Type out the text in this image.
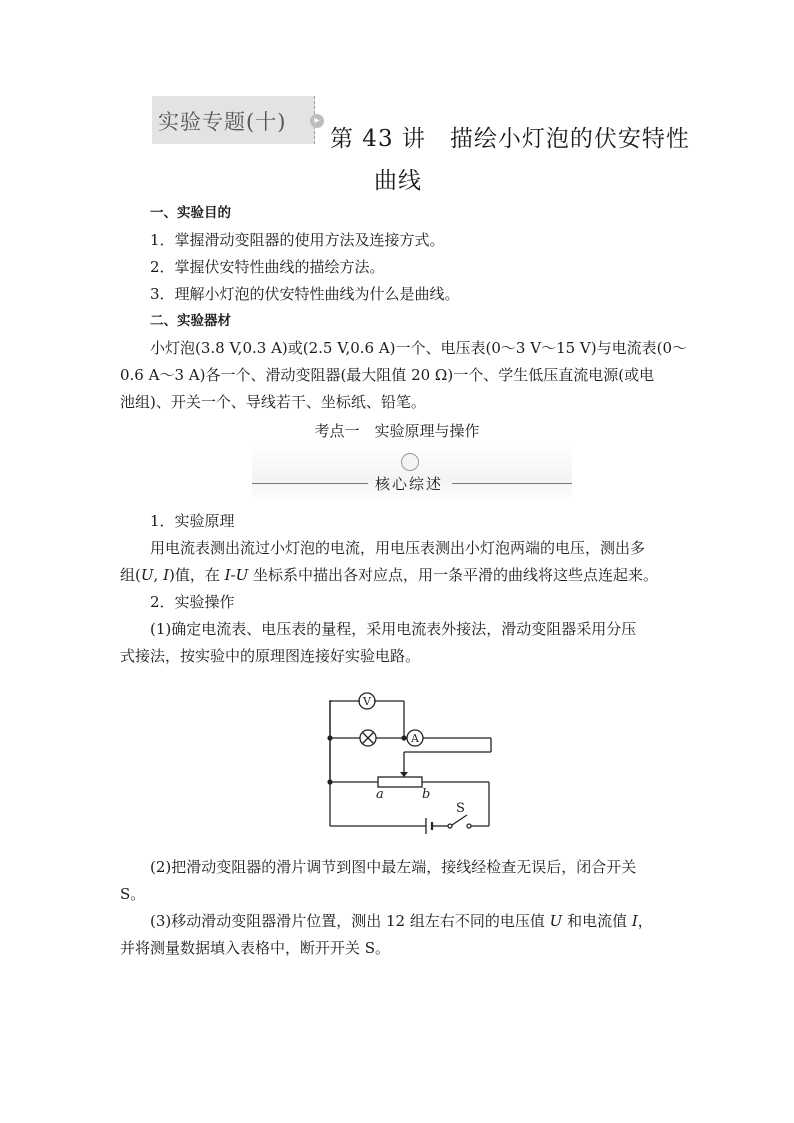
实验专题(十)	▸
第 43 讲　描绘小灯泡的伏安特性
曲线
一、实验目的
1．掌握滑动变阻器的使用方法及连接方式。
2．掌握伏安特性曲线的描绘方法。
3．理解小灯泡的伏安特性曲线为什么是曲线。
二、实验器材
小灯泡(3.8 V,0.3 A)或(2.5 V,0.6 A)一个、电压表(0～3 V～15 V)与电流表(0～
0.6 A～3 A)各一个、滑动变阻器(最大阻值 20 Ω)一个、学生低压直流电源(或电
池组)、开关一个、导线若干、坐标纸、铅笔。
考点一　实验原理与操作
核心综述
1．实验原理
用电流表测出流过小灯泡的电流，用电压表测出小灯泡两端的电压，测出多
组(U, I)值，在 I-U 坐标系中描出各对应点，用一条平滑的曲线将这些点连起来。
2．实验操作
(1)确定电流表、电压表的量程，采用电流表外接法，滑动变阻器采用分压
式接法，按实验中的原理图连接好实验电路。
V
A
a	b
S
(2)把滑动变阻器的滑片调节到图中最左端，接线经检查无误后，闭合开关
S。
(3)移动滑动变阻器滑片位置，测出 12 组左右不同的电压值 U 和电流值 I，
并将测量数据填入表格中，断开开关 S。
